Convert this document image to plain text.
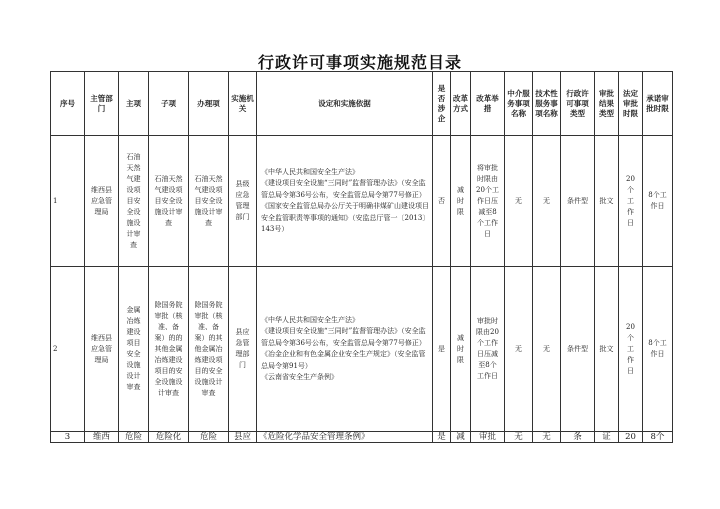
行政许可事项实施规范目录
序号	主管部门	主项	子项	办理项	实施机关	设定和实施依据	是否涉企	改革方式	改革举措	中介服务事项名称	技术性服务事项名称	行政许可事项类型	审批结果类型	法定审批时限	承诺审批时限
1	维西县应急管理局	石油天然气建设项目安全设施设计审查	石油天然气建设项目安全设施设计审查	石油天然气建设项目安全设施设计审查	县级应急管理部门	《中华人民共和国安全生产法》
《建设项目安全设施“三同时”监督管理办法》（安全监管总局令第36号公布，安全监管总局令第77号修正）
《国家安全监管总局办公厅关于明确非煤矿山建设项目安全监管职责等事项的通知》（安监总厅管一〔2013〕143号）	否	减时限	将审批时限由20个工作日压减至8个工作日	无	无	条件型	批文	20个工作日	8个工作日
2	维西县应急管理局	金属冶炼建设项目安全设施设计审查	除国务院审批（核准、备案）的的其他金属冶炼建设项目的安全设施设计审查	除国务院审批（核准、备案）的其他金属冶炼建设项目的安全设施设计审查	县应急管理部门	《中华人民共和国安全生产法》
《建设项目安全设施“三同时”监督管理办法》（安全监管总局令第36号公布，安全监管总局令第77号修正）
《冶金企业和有色金属企业安全生产规定》（安全监管总局令第91号）
《云南省安全生产条例》	是	减时限	审批时限由20个工作日压减至8个工作日	无	无	条件型	批文	20个工作日	8个工作日
3	维西	危险	危险化	危险	县应	《危险化学品安全管理条例》	是	减	审批	无	无	条	证	20	8个
